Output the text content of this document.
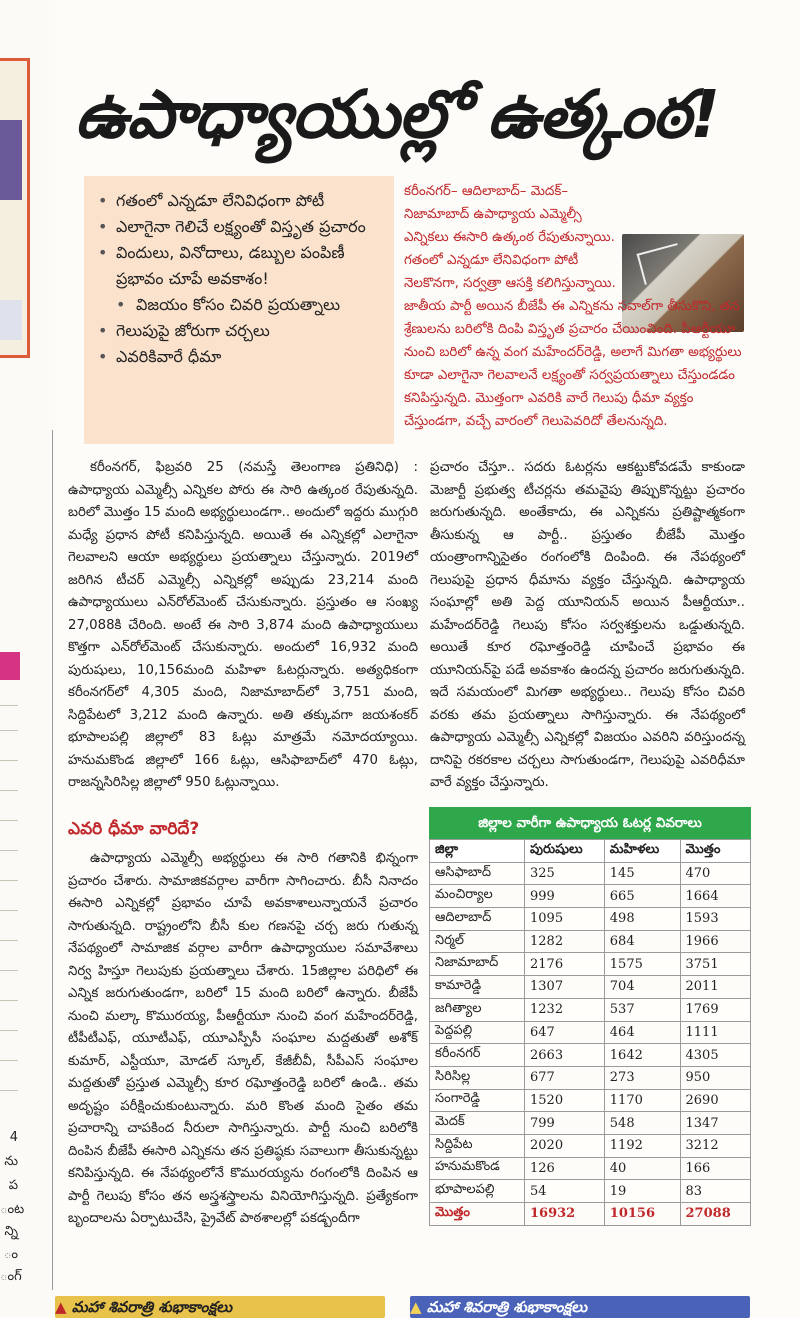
4
ను
ప
ంట
న్ని
ం
ంగ్‌
ఉపాధ్యాయుల్లో ఉత్కంఠ!
• గతంలో ఎన్నడూ లేనివిధంగా పోటీ
• ఎలాగైనా గెలిచే లక్ష్యంతో విస్తృత ప్రచారం
• విందులు, వినోదాలు, డబ్బుల పంపిణీ ప్రభావం చూపే అవకాశం!
• విజయం కోసం చివరి ప్రయత్నాలు
• గెలుపుపై జోరుగా చర్చలు
• ఎవరికివారే ధీమా
కరీంనగర్‌– ఆదిలాబాద్‌– మెదక్‌– నిజామాబాద్‌ ఉపాధ్యాయ ఎమ్మెల్సీ ఎన్నికలు ఈసారి ఉత్కంఠ రేపుతున్నాయి. గతంలో ఎన్నడూ లేనివిధంగా పోటీ నెలకొనగా, సర్వత్రా ఆసక్తి కలిగిస్తున్నాయి. జాతీయ పార్టీ అయిన బీజేపీ ఈ ఎన్నికను సవాల్‌గా తీసుకొని, తన శ్రేణులను బరిలోకి దింపి విస్తృత ప్రచారం చేయించింది. పీఆర్టీయూ నుంచి బరిలో ఉన్న వంగ మహేందర్‌రెడ్డి, అలాగే మిగతా అభ్యర్థులు కూడా ఎలాగైనా గెలవాలనే లక్ష్యంతో సర్వప్రయత్నాలు చేస్తుండడం కనిపిస్తున్నది. మొత్తంగా ఎవరికి వారే గెలుపు ధీమా వ్యక్తం చేస్తుండగా, వచ్చే వారంలో గెలుపెవరిదో తేలనున్నది.
కరీంనగర్‌, ఫిబ్రవరి 25 (నమస్తే తెలంగాణ ప్రతినిధి) : ఉపాధ్యాయ ఎమ్మెల్సీ ఎన్నికల పోరు ఈ సారి ఉత్కంఠ రేపుతున్నది. బరిలో మొత్తం 15 మంది అభ్యర్థులుండగా.. అందులో ఇద్దరు ముగ్గురి మధ్యే ప్రధాన పోటీ కనిపిస్తున్నది. అయితే ఈ ఎన్నికల్లో ఎలాగైనా గెలవాలని ఆయా అభ్యర్థులు ప్రయత్నాలు చేస్తున్నారు. 2019లో జరిగిన టీచర్‌ ఎమ్మెల్సీ ఎన్నికల్లో అప్పుడు 23,214 మంది ఉపాధ్యాయులు ఎన్‌రోల్‌మెంట్‌ చేసుకున్నారు. ప్రస్తుతం ఆ సంఖ్య 27,088కి చేరింది. అంటే ఈ సారి 3,874 మంది ఉపాధ్యాయులు కొత్తగా ఎన్‌రోల్‌మెంట్‌ చేసుకున్నారు. అందులో 16,932 మంది పురుషులు, 10,156మంది మహిళా ఓటర్లున్నారు. అత్యధికంగా కరీంనగర్‌లో 4,305 మంది, నిజామాబాద్‌లో 3,751 మంది, సిద్దిపేటలో 3,212 మంది ఉన్నారు. అతి తక్కువగా జయశంకర్‌ భూపాలపల్లి జిల్లాలో 83 ఓట్లు మాత్రమే నమోదయ్యాయి. హనుమకొండ జిల్లాలో 166 ఓట్లు, ఆసిఫాబాద్‌లో 470 ఓట్లు, రాజన్నసిరిసిల్ల జిల్లాలో 950 ఓట్లున్నాయి.
ఎవరి ధీమా వారిదే?
ఉపాధ్యాయ ఎమ్మెల్సీ అభ్యర్థులు ఈ సారి గతానికి భిన్నంగా ప్రచారం చేశారు. సామాజికవర్గాల వారీగా సాగించారు. బీసీ నినాదం ఈసారి ఎన్నికల్లో ప్రభావం చూపే అవకాశాలున్నాయనే ప్రచారం సాగుతున్నది. రాష్ట్రంలోని బీసీ కుల గణనపై చర్చ జరు గుతున్న నేపథ్యంలో సామాజిక వర్గాల వారీగా ఉపాధ్యాయుల సమావేశాలు నిర్వ హిస్తూ గెలుపుకు ప్రయత్నాలు చేశారు. 15జిల్లాల పరిధిలో ఈ ఎన్నిక జరుగుతుండగా, బరిలో 15 మంది బరిలో ఉన్నారు. బీజేపీ నుంచి మల్కా కొమురయ్య, పీఆర్టీయూ నుంచి వంగ మహేందర్‌రెడ్డి, టీపీటీఎఫ్‌, యూటీఎఫ్‌, యూఎస్పీసీ సంఘాల మద్దతుతో అశోక్‌ కుమార్‌, ఎస్టీయూ, మోడల్‌ స్కూల్‌, కేజీబీవీ, సీపీఎస్‌ సంఘాల మద్దతుతో ప్రస్తుత ఎమ్మెల్సీ కూర రఘోత్తంరెడ్డి బరిలో ఉండి.. తమ అదృష్టం పరీక్షించుకుంటున్నారు. మరి కొంత మంది సైతం తమ ప్రచారాన్ని చాపకింద నీరులా సాగిస్తున్నారు. పార్టీ నుంచి బరిలోకి దింపిన బీజేపీ ఈసారి ఎన్నికను తన ప్రతిష్ఠకు సవాలుగా తీసుకున్నట్టు కనిపిస్తున్నది. ఈ నేపథ్యంలోనే కొమురయ్యను రంగంలోకి దింపిన ఆ పార్టీ గెలుపు కోసం తన అస్త్రశస్త్రాలను వినియోగిస్తున్నది. ప్రత్యేకంగా బృందాలను ఏర్పాటుచేసి, ప్రైవేట్‌ పాఠశాలల్లో పకడ్బందీగా
ప్రచారం చేస్తూ.. సదరు ఓటర్లను ఆకట్టుకోవడమే కాకుండా మెజార్టీ ప్రభుత్వ టీచర్లను తమవైపు తిప్పుకొన్నట్టు ప్రచారం జరుగుతున్నది. అంతేకాదు, ఈ ఎన్నికను ప్రతిష్టాత్మకంగా తీసుకున్న ఆ పార్టీ.. ప్రస్తుతం బీజేపీ మొత్తం యంత్రాంగాన్నిసైతం రంగంలోకి దింపింది. ఈ నేపథ్యంలో గెలుపుపై ప్రధాన ధీమాను వ్యక్తం చేస్తున్నది. ఉపాధ్యాయ సంఘాల్లో అతి పెద్ద యూనియన్‌ అయిన పీఆర్టీయూ.. మహేందర్‌రెడ్డి గెలుపు కోసం సర్వశక్తులను ఒడ్డుతున్నది. అయితే కూర రఘోత్తంరెడ్డి చూపించే ప్రభావం ఈ యూనియన్‌పై పడే అవకాశం ఉందన్న ప్రచారం జరుగుతున్నది. ఇదే సమయంలో మిగతా అభ్యర్థులు.. గెలుపు కోసం చివరి వరకు తమ ప్రయత్నాలు సాగిస్తున్నారు. ఈ నేపథ్యంలో ఉపాధ్యాయ ఎమ్మెల్సీ ఎన్నికల్లో విజయం ఎవరిని వరిస్తుందన్న దానిపై రకరకాల చర్చలు సాగుతుండగా, గెలుపుపై ఎవరిధీమా వారే వ్యక్తం చేస్తున్నారు.
జిల్లాల వారీగా ఉపాధ్యాయ ఓటర్ల వివరాలు
జిల్లా	పురుషులు	మహిళలు	మొత్తం
ఆసిఫాబాద్‌	325	145	470
మంచిర్యాల	999	665	1664
ఆదిలాబాద్‌	1095	498	1593
నిర్మల్‌	1282	684	1966
నిజామాబాద్‌	2176	1575	3751
కామారెడ్డి	1307	704	2011
జగిత్యాల	1232	537	1769
పెద్దపల్లి	647	464	1111
కరీంనగర్‌	2663	1642	4305
సిరిసిల్ల	677	273	950
సంగారెడ్డి	1520	1170	2690
మెదక్‌	799	548	1347
సిద్దిపేట	2020	1192	3212
హనుమకొండ	126	40	166
భూపాలపల్లి	54	19	83
మొత్తం	16932	10156	27088
▲ మహా శివరాత్రి శుభాకాంక్షలు	▲ మహా శివరాత్రి శుభాకాంక్షలు
